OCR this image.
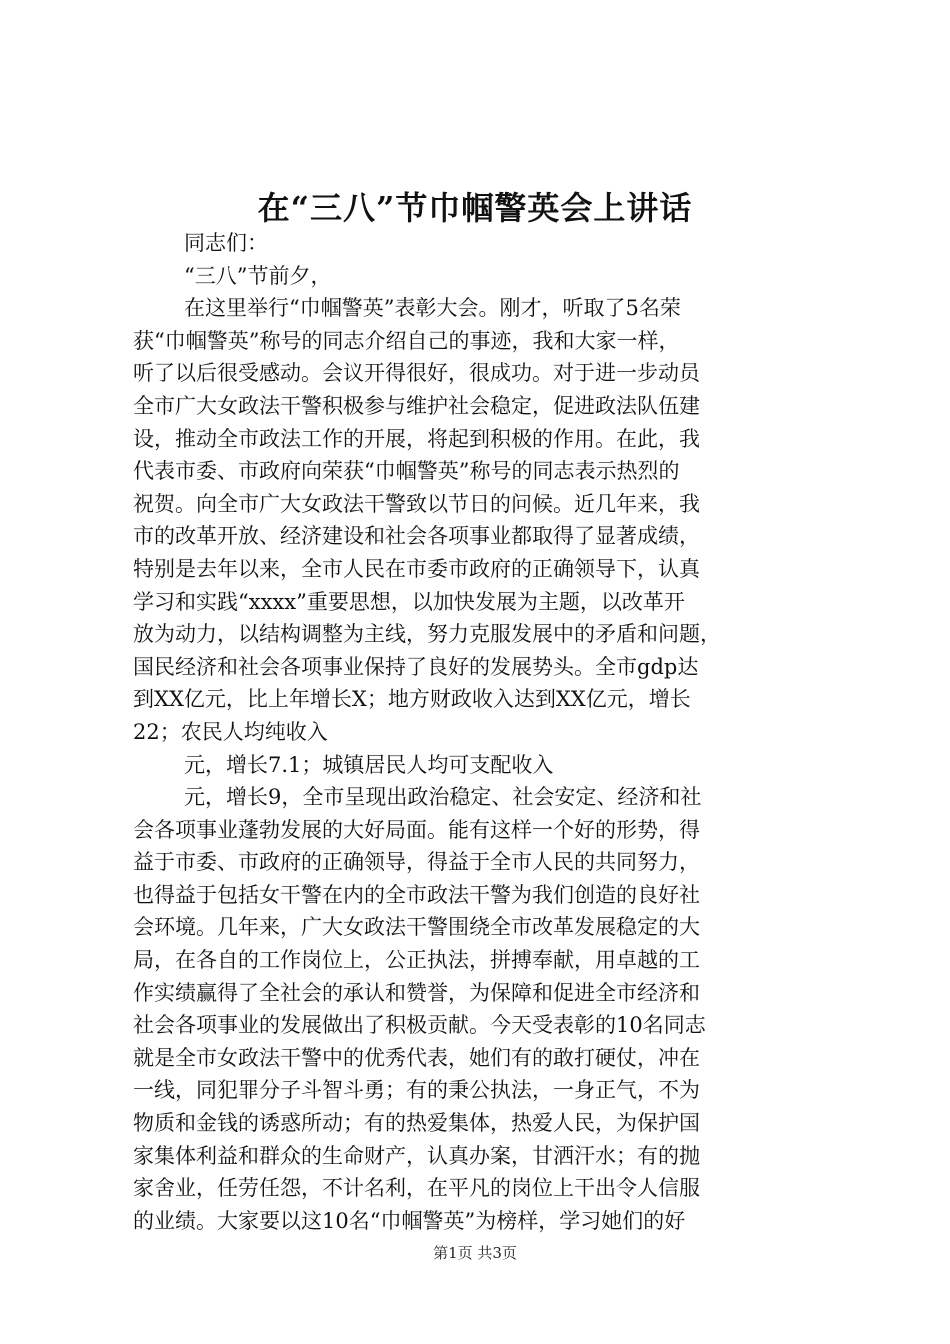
在“三八”节巾帼警英会上讲话
同志们：
“三八”节前夕，
在这里举行“巾帼警英”表彰大会。刚才，听取了5名荣
获“巾帼警英”称号的同志介绍自己的事迹，我和大家一样，
听了以后很受感动。会议开得很好，很成功。对于进一步动员
全市广大女政法干警积极参与维护社会稳定，促进政法队伍建
设，推动全市政法工作的开展，将起到积极的作用。在此，我
代表市委、市政府向荣获“巾帼警英”称号的同志表示热烈的
祝贺。向全市广大女政法干警致以节日的问候。近几年来，我
市的改革开放、经济建设和社会各项事业都取得了显著成绩，
特别是去年以来，全市人民在市委市政府的正确领导下，认真
学习和实践“xxxx”重要思想，以加快发展为主题，以改革开
放为动力，以结构调整为主线，努力克服发展中的矛盾和问题，
国民经济和社会各项事业保持了良好的发展势头。全市gdp达
到XX亿元，比上年增长X；地方财政收入达到XX亿元，增长
22；农民人均纯收入
元，增长7.1；城镇居民人均可支配收入
元，增长9，全市呈现出政治稳定、社会安定、经济和社
会各项事业蓬勃发展的大好局面。能有这样一个好的形势，得
益于市委、市政府的正确领导，得益于全市人民的共同努力，
也得益于包括女干警在内的全市政法干警为我们创造的良好社
会环境。几年来，广大女政法干警围绕全市改革发展稳定的大
局，在各自的工作岗位上，公正执法，拼搏奉献，用卓越的工
作实绩赢得了全社会的承认和赞誉，为保障和促进全市经济和
社会各项事业的发展做出了积极贡献。今天受表彰的10名同志
就是全市女政法干警中的优秀代表，她们有的敢打硬仗，冲在
一线，同犯罪分子斗智斗勇；有的秉公执法，一身正气，不为
物质和金钱的诱惑所动；有的热爱集体，热爱人民，为保护国
家集体利益和群众的生命财产，认真办案，甘洒汗水；有的抛
家舍业，任劳任怨，不计名利，在平凡的岗位上干出令人信服
的业绩。大家要以这10名“巾帼警英”为榜样，学习她们的好
第1页 共3页
